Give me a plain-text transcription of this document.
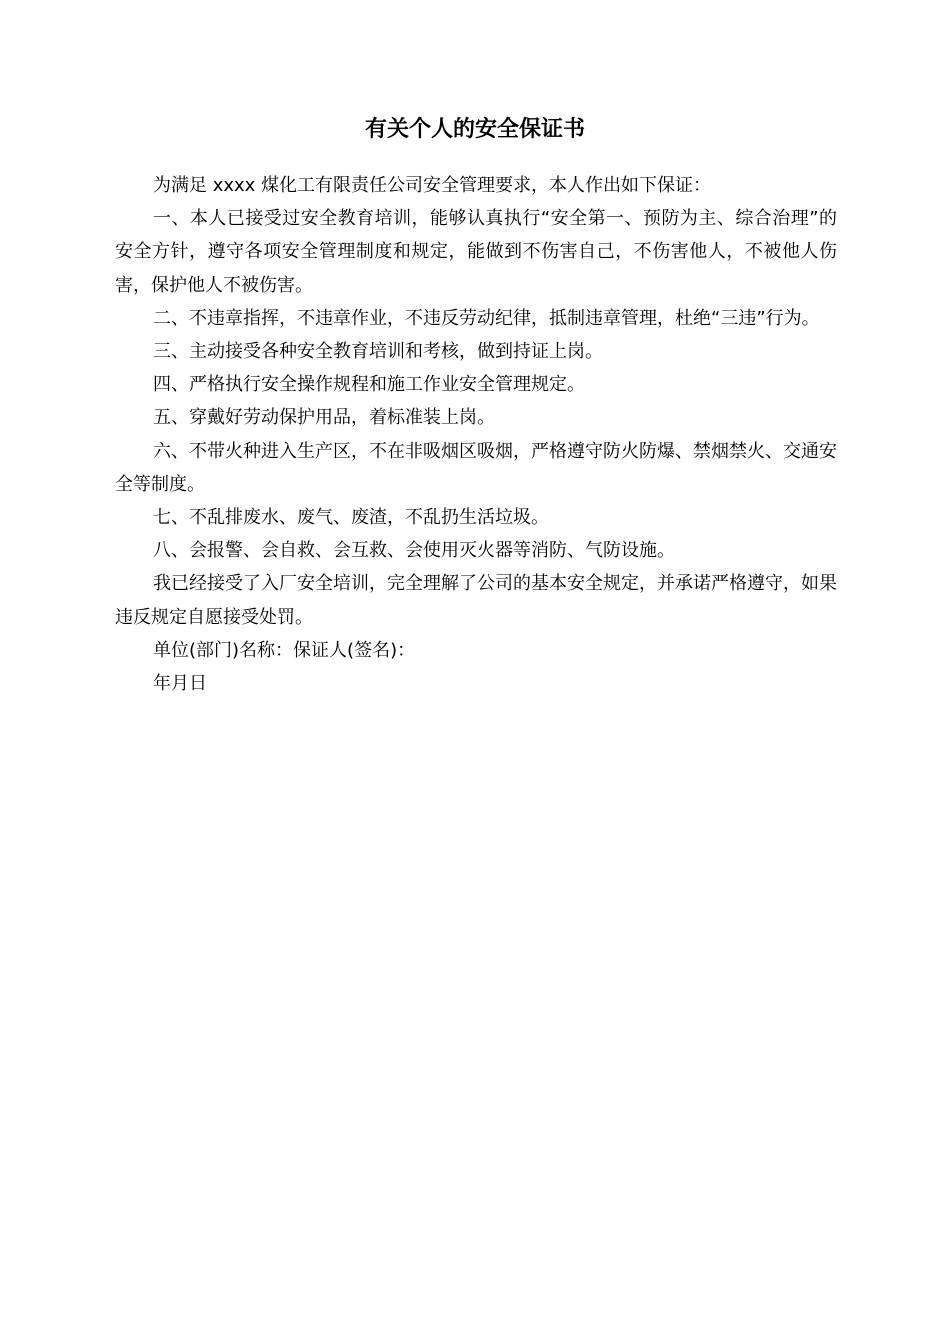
有关个人的安全保证书

为满足 xxxx 煤化工有限责任公司安全管理要求，本人作出如下保证：

一、本人已接受过安全教育培训，能够认真执行“安全第一、预防为主、综合治理”的安全方针，遵守各项安全管理制度和规定，能做到不伤害自己，不伤害他人，不被他人伤害，保护他人不被伤害。

二、不违章指挥，不违章作业，不违反劳动纪律，抵制违章管理，杜绝“三违”行为。

三、主动接受各种安全教育培训和考核，做到持证上岗。

四、严格执行安全操作规程和施工作业安全管理规定。

五、穿戴好劳动保护用品，着标准装上岗。

六、不带火种进入生产区，不在非吸烟区吸烟，严格遵守防火防爆、禁烟禁火、交通安全等制度。

七、不乱排废水、废气、废渣，不乱扔生活垃圾。

八、会报警、会自救、会互救、会使用灭火器等消防、气防设施。

我已经接受了入厂安全培训，完全理解了公司的基本安全规定，并承诺严格遵守，如果违反规定自愿接受处罚。

单位(部门)名称：保证人(签名)：

年月日
